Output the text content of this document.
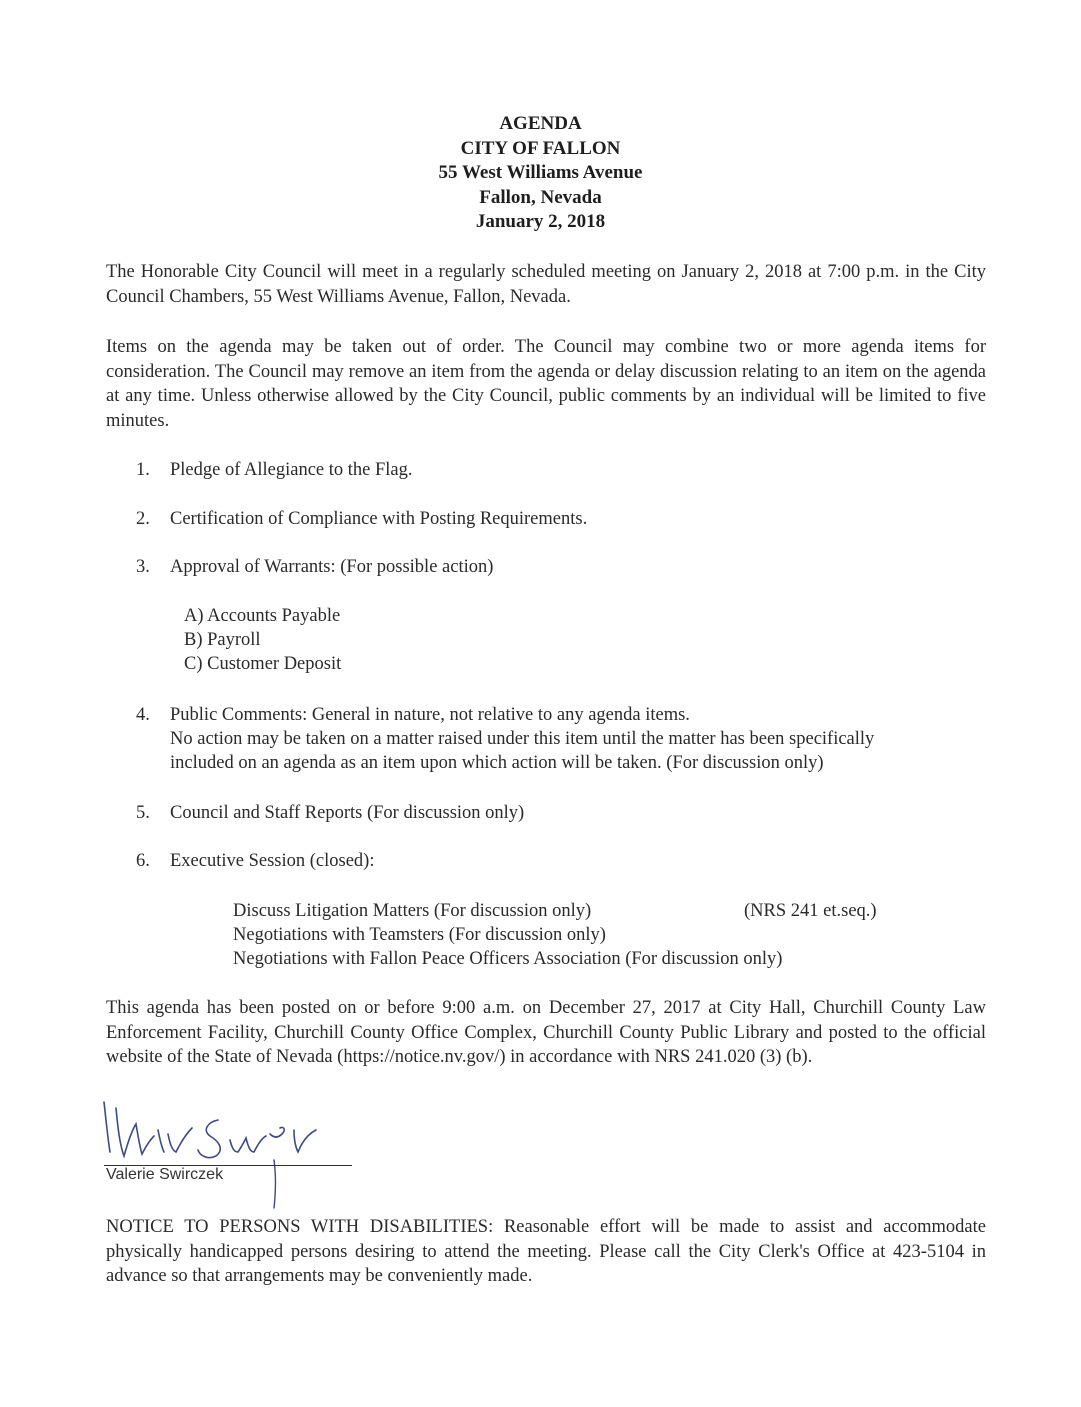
AGENDA
CITY OF FALLON
55 West Williams Avenue
Fallon, Nevada
January 2, 2018
The Honorable City Council will meet in a regularly scheduled meeting on January 2, 2018 at 7:00 p.m. in the City Council Chambers, 55 West Williams Avenue, Fallon, Nevada.
Items on the agenda may be taken out of order. The Council may combine two or more agenda items for consideration. The Council may remove an item from the agenda or delay discussion relating to an item on the agenda at any time. Unless otherwise allowed by the City Council, public comments by an individual will be limited to five minutes.
1. Pledge of Allegiance to the Flag.
2. Certification of Compliance with Posting Requirements.
3. Approval of Warrants: (For possible action)
A) Accounts Payable
B) Payroll
C) Customer Deposit
4. Public Comments: General in nature, not relative to any agenda items.
No action may be taken on a matter raised under this item until the matter has been specifically
included on an agenda as an item upon which action will be taken. (For discussion only)
5. Council and Staff Reports (For discussion only)
6. Executive Session (closed):
Discuss Litigation Matters (For discussion only)	(NRS 241 et.seq.)
Negotiations with Teamsters (For discussion only)
Negotiations with Fallon Peace Officers Association (For discussion only)
This agenda has been posted on or before 9:00 a.m. on December 27, 2017 at City Hall, Churchill County Law Enforcement Facility, Churchill County Office Complex, Churchill County Public Library and posted to the official website of the State of Nevada (https://notice.nv.gov/) in accordance with NRS 241.020 (3) (b).
Valerie Swirczek
NOTICE TO PERSONS WITH DISABILITIES: Reasonable effort will be made to assist and accommodate physically handicapped persons desiring to attend the meeting. Please call the City Clerk's Office at 423-5104 in advance so that arrangements may be conveniently made.
